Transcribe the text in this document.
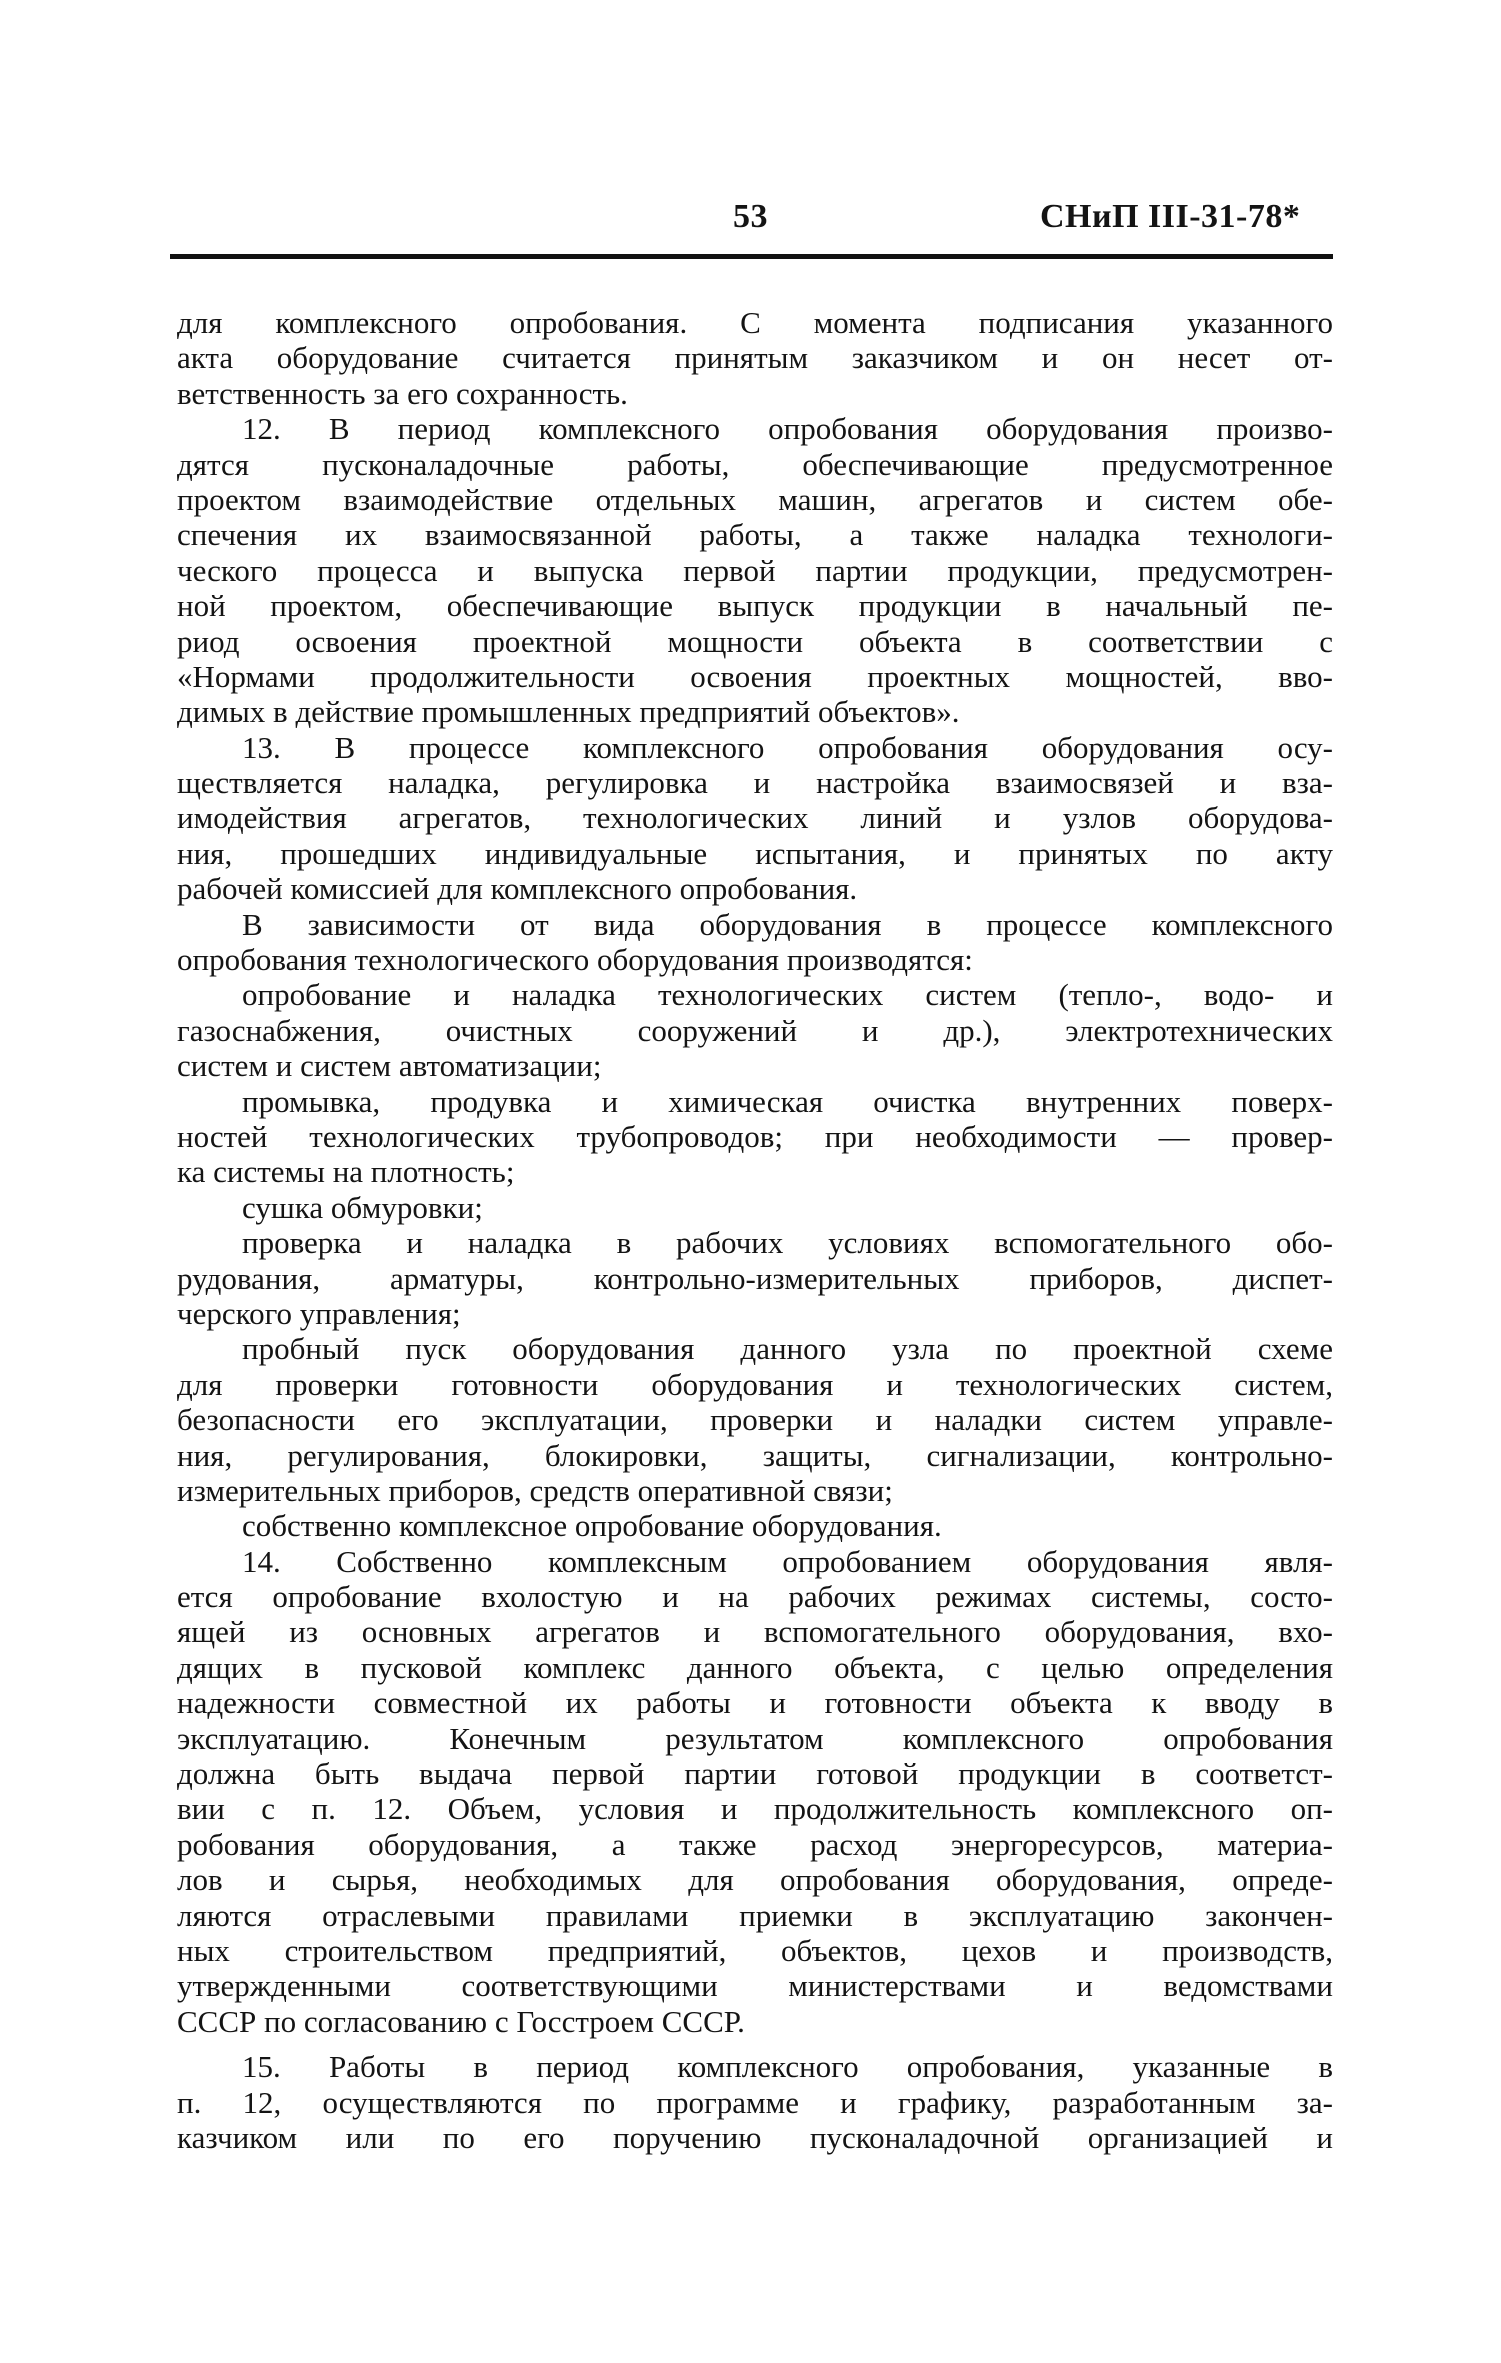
53	СНиП III-31-78*
для комплексного опробования. С момента подписания указанного
акта оборудование считается принятым заказчиком и он несет от-
ветственность за его сохранность.
12. В период комплексного опробования оборудования произво-
дятся пусконаладочные работы, обеспечивающие предусмотренное
проектом взаимодействие отдельных машин, агрегатов и систем обе-
спечения их взаимосвязанной работы, а также наладка технологи-
ческого процесса и выпуска первой партии продукции, предусмотрен-
ной проектом, обеспечивающие выпуск продукции в начальный пе-
риод освоения проектной мощности объекта в соответствии с
«Нормами продолжительности освоения проектных мощностей, вво-
димых в действие промышленных предприятий объектов».
13. В процессе комплексного опробования оборудования осу-
ществляется наладка, регулировка и настройка взаимосвязей и вза-
имодействия агрегатов, технологических линий и узлов оборудова-
ния, прошедших индивидуальные испытания, и принятых по акту
рабочей комиссией для комплексного опробования.
В зависимости от вида оборудования в процессе комплексного
опробования технологического оборудования производятся:
опробование и наладка технологических систем (тепло-, водо- и
газоснабжения, очистных сооружений и др.), электротехнических
систем и систем автоматизации;
промывка, продувка и химическая очистка внутренних поверх-
ностей технологических трубопроводов; при необходимости — провер-
ка системы на плотность;
сушка обмуровки;
проверка и наладка в рабочих условиях вспомогательного обо-
рудования, арматуры, контрольно-измерительных приборов, диспет-
черского управления;
пробный пуск оборудования данного узла по проектной схеме
для проверки готовности оборудования и технологических систем,
безопасности его эксплуатации, проверки и наладки систем управле-
ния, регулирования, блокировки, защиты, сигнализации, контрольно-
измерительных приборов, средств оперативной связи;
собственно комплексное опробование оборудования.
14. Собственно комплексным опробованием оборудования явля-
ется опробование вхолостую и на рабочих режимах системы, состо-
ящей из основных агрегатов и вспомогательного оборудования, вхо-
дящих в пусковой комплекс данного объекта, с целью определения
надежности совместной их работы и готовности объекта к вводу в
эксплуатацию. Конечным результатом комплексного опробования
должна быть выдача первой партии готовой продукции в соответст-
вии с п. 12. Объем, условия и продолжительность комплексного оп-
робования оборудования, а также расход энергоресурсов, материа-
лов и сырья, необходимых для опробования оборудования, опреде-
ляются отраслевыми правилами приемки в эксплуатацию закончен-
ных строительством предприятий, объектов, цехов и производств,
утвержденными соответствующими министерствами и ведомствами
СССР по согласованию с Госстроем СССР.
15. Работы в период комплексного опробования, указанные в
п. 12, осуществляются по программе и графику, разработанным за-
казчиком или по его поручению пусконаладочной организацией и
